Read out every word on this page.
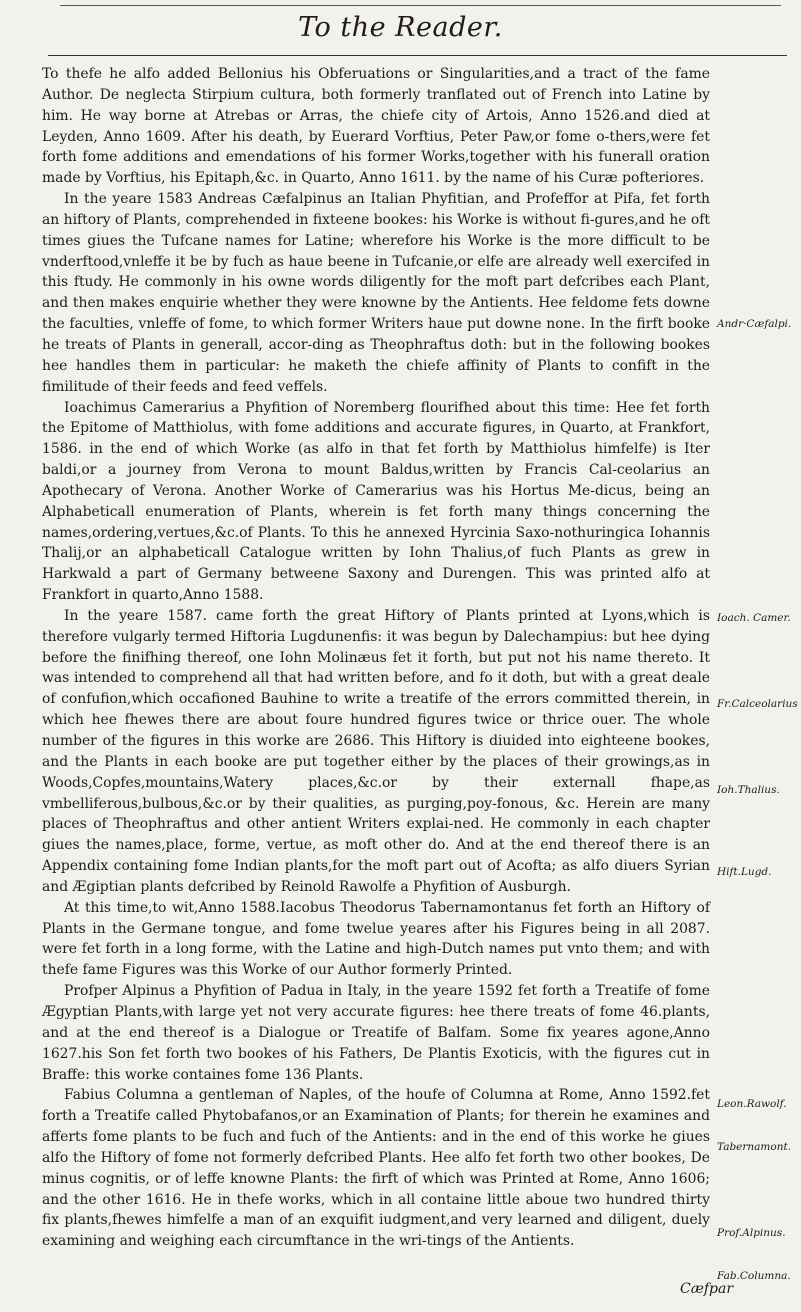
To the Reader.

To thefe he alfo added Bellonius his Obferuations or Singularities,and a tract of the fame Author. De neglecta Stirpium cultura, both formerly tranflated out of French into Latine by him. He way borne at Atrebas or Arras, the chiefe city of Artois, Anno 1526.and died at Leyden, Anno 1609. After his death, by Euerard Vorftius, Peter Paw,or fome o-thers,were fet forth fome additions and emendations of his former Works,together with his funerall oration made by Vorftius, his Epitaph,&c. in Quarto, Anno 1611. by the name of his Curæ pofteriores.

In the yeare 1583 Andreas Cæfalpinus an Italian Phyfitian, and Profeffor at Pifa, fet forth an hiftory of Plants, comprehended in fixteene bookes: his Worke is without fi-gures,and he oft times giues the Tufcane names for Latine; wherefore his Worke is the more difficult to be vnderftood,vnleffe it be by fuch as haue beene in Tufcanie,or elfe are already well exercifed in this ftudy. He commonly in his owne words diligently for the moft part defcribes each Plant, and then makes enquirie whether they were knowne by the Antients. Hee feldome fets downe the faculties, vnleffe of fome, to which former Writers haue put downe none. In the firft booke he treats of Plants in generall, accor-ding as Theophraftus doth: but in the following bookes hee handles them in particular: he maketh the chiefe affinity of Plants to confift in the fimilitude of their feeds and feed veffels.

Ioachimus Camerarius a Phyfition of Noremberg flourifhed about this time: Hee fet forth the Epitome of Matthiolus, with fome additions and accurate figures, in Quarto, at Frankfort, 1586. in the end of which Worke (as alfo in that fet forth by Matthiolus himfelfe) is Iter baldi,or a journey from Verona to mount Baldus,written by Francis Cal-ceolarius an Apothecary of Verona. Another Worke of Camerarius was his Hortus Me-dicus, being an Alphabeticall enumeration of Plants, wherein is fet forth many things concerning the names,ordering,vertues,&c.of Plants. To this he annexed Hyrcinia Saxo-nothuringica Iohannis Thalij,or an alphabeticall Catalogue written by Iohn Thalius,of fuch Plants as grew in Harkwald a part of Germany betweene Saxony and Durengen. This was printed alfo at Frankfort in quarto,Anno 1588.

In the yeare 1587. came forth the great Hiftory of Plants printed at Lyons,which is therefore vulgarly termed Hiftoria Lugdunenfis: it was begun by Dalechampius: but hee dying before the finifhing thereof, one Iohn Molinæus fet it forth, but put not his name thereto. It was intended to comprehend all that had written before, and fo it doth, but with a great deale of confufion,which occafioned Bauhine to write a treatife of the errors committed therein, in which hee fhewes there are about foure hundred figures twice or thrice ouer. The whole number of the figures in this worke are 2686. This Hiftory is diuided into eighteene bookes, and the Plants in each booke are put together either by the places of their growings,as in Woods,Copfes,mountains,Watery places,&c.or by their externall fhape,as vmbelliferous,bulbous,&c.or by their qualities, as purging,poy-fonous, &c. Herein are many places of Theophraftus and other antient Writers explai-ned. He commonly in each chapter giues the names,place, forme, vertue, as moft other do. And at the end thereof there is an Appendix containing fome Indian plants,for the moft part out of Acofta; as alfo diuers Syrian and Ægiptian plants defcribed by Reinold Rawolfe a Phyfition of Ausburgh.

At this time,to wit,Anno 1588.Iacobus Theodorus Tabernamontanus fet forth an Hiftory of Plants in the Germane tongue, and fome twelue yeares after his Figures being in all 2087. were fet forth in a long forme, with the Latine and high-Dutch names put vnto them; and with thefe fame Figures was this Worke of our Author formerly Printed.

Profper Alpinus a Phyfition of Padua in Italy, in the yeare 1592 fet forth a Treatife of fome Ægyptian Plants,with large yet not very accurate figures: hee there treats of fome 46.plants, and at the end thereof is a Dialogue or Treatife of Balfam. Some fix yeares agone,Anno 1627.his Son fet forth two bookes of his Fathers, De Plantis Exoticis, with the figures cut in Braffe: this worke containes fome 136 Plants.

Fabius Columna a gentleman of Naples, of the houfe of Columna at Rome, Anno 1592.fet forth a Treatife called Phytobafanos,or an Examination of Plants; for therein he examines and afferts fome plants to be fuch and fuch of the Antients: and in the end of this worke he giues alfo the Hiftory of fome not formerly defcribed Plants. Hee alfo fet forth two other bookes, De minus cognitis, or of leffe knowne Plants: the firft of which was Printed at Rome, Anno 1606; and the other 1616. He in thefe works, which in all containe little aboue two hundred thirty fix plants,fhewes himfelfe a man of an exquifit iudgment,and very learned and diligent, duely examining and weighing each circumftance in the wri-tings of the Antients.

Andr·Cæfalpi.
Ioach. Camer.
Fr.Calceolarius
Ioh.Thalius.
Hift.Lugd.
Leon.Rawolf.
Tabernamont.
Prof.Alpinus.
Fab.Columna.
Cæfpar
